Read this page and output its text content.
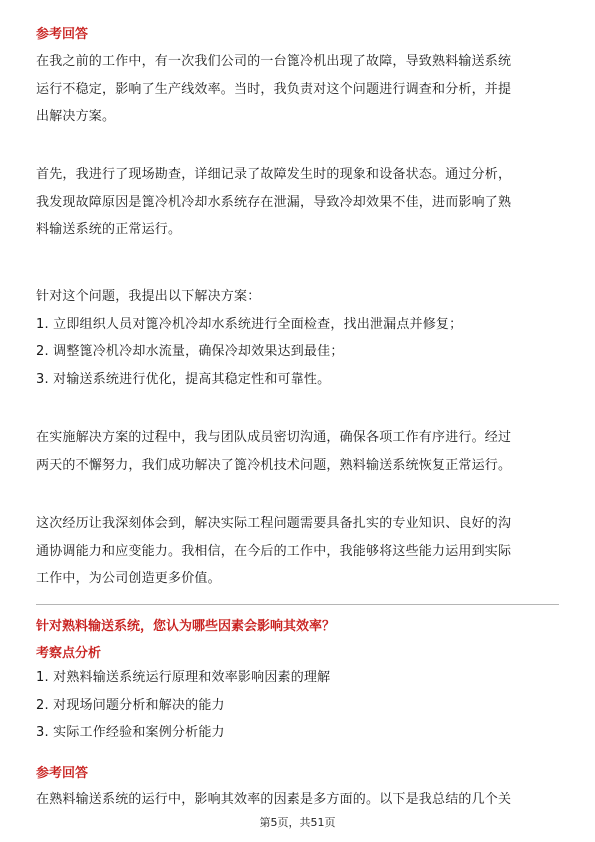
参考回答
在我之前的工作中，有一次我们公司的一台篦冷机出现了故障，导致熟料输送系统
运行不稳定，影响了生产线效率。当时，我负责对这个问题进行调查和分析，并提
出解决方案。
首先，我进行了现场勘查，详细记录了故障发生时的现象和设备状态。通过分析，
我发现故障原因是篦冷机冷却水系统存在泄漏，导致冷却效果不佳，进而影响了熟
料输送系统的正常运行。
针对这个问题，我提出以下解决方案：
1. 立即组织人员对篦冷机冷却水系统进行全面检查，找出泄漏点并修复；
2. 调整篦冷机冷却水流量，确保冷却效果达到最佳；
3. 对输送系统进行优化，提高其稳定性和可靠性。
在实施解决方案的过程中，我与团队成员密切沟通，确保各项工作有序进行。经过
两天的不懈努力，我们成功解决了篦冷机技术问题，熟料输送系统恢复正常运行。
这次经历让我深刻体会到，解决实际工程问题需要具备扎实的专业知识、良好的沟
通协调能力和应变能力。我相信，在今后的工作中，我能够将这些能力运用到实际
工作中，为公司创造更多价值。
针对熟料输送系统，您认为哪些因素会影响其效率？
考察点分析
1. 对熟料输送系统运行原理和效率影响因素的理解
2. 对现场问题分析和解决的能力
3. 实际工作经验和案例分析能力
参考回答
在熟料输送系统的运行中，影响其效率的因素是多方面的。以下是我总结的几个关
第5页，共51页
